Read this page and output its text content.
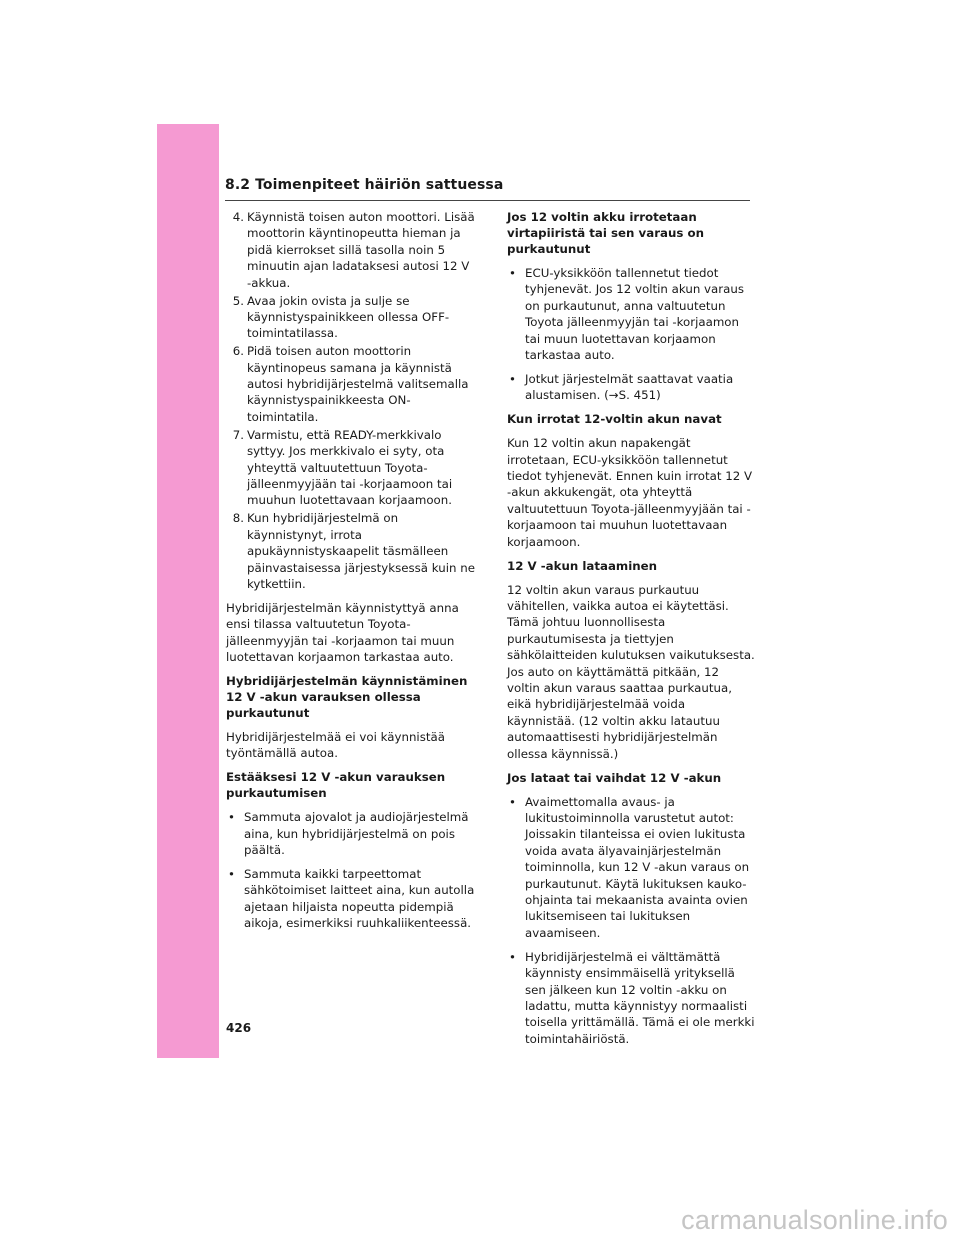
8.2 Toimenpiteet häiriön sattuessa
4. Käynnistä toisen auton moottori. Lisää moottorin käyntinopeutta hieman ja pidä kierrokset sillä tasolla noin 5 minuutin ajan ladataksesi autosi 12 V -akkua.
5. Avaa jokin ovista ja sulje se käynnistyspainikkeen ollessa OFF-toimintatilassa.
6. Pidä toisen auton moottorin käyntinopeus samana ja käynnistä autosi hybridijärjestelmä valitsemalla käynnistyspainikkeesta ON-toimintatila.
7. Varmistu, että READY-merkkivalo syttyy. Jos merkkivalo ei syty, ota yhteyttä valtuutettuun Toyota-jälleenmyyjään tai -korjaamoon tai muuhun luotettavaan korjaamoon.
8. Kun hybridijärjestelmä on käynnistynyt, irrota apukäynnistyskaapelit täsmälleen päinvastaisessa järjestyksessä kuin ne kytkettiin.

Hybridijärjestelmän käynnistyttyä anna ensi tilassa valtuutetun Toyota-jälleenmyyjän tai -korjaamon tai muun luotettavan korjaamon tarkastaa auto.

Hybridijärjestelmän käynnistäminen 12 V -akun varauksen ollessa purkautunut

Hybridijärjestelmää ei voi käynnistää työntämällä autoa.

Estääksesi 12 V -akun varauksen purkautumisen
• Sammuta ajovalot ja audiojärjestelmä aina, kun hybridijärjestelmä on pois päältä.
• Sammuta kaikki tarpeettomat sähkötoimiset laitteet aina, kun autolla ajetaan hiljaista nopeutta pidempiä aikoja, esimerkiksi ruuhkaliikenteessä.
Jos 12 voltin akku irrotetaan virtapiiristä tai sen varaus on purkautunut
• ECU-yksikköön tallennetut tiedot tyhjenevät. Jos 12 voltin akun varaus on purkautunut, anna valtuutetun Toyota jälleenmyyjän tai -korjaamon tai muun luotettavan korjaamon tarkastaa auto.
• Jotkut järjestelmät saattavat vaatia alustamisen. (→S. 451)
Kun irrotat 12-voltin akun navat

Kun 12 voltin akun napakengät irrotetaan, ECU-yksikköön tallennetut tiedot tyhjenevät. Ennen kuin irrotat 12 V -akun akkukengät, ota yhteyttä valtuutettuun Toyota-jälleenmyyjään tai -korjaamoon tai muuhun luotettavaan korjaamoon.

12 V -akun lataaminen

12 voltin akun varaus purkautuu vähitellen, vaikka autoa ei käytettäsi. Tämä johtuu luonnollisesta purkautumisesta ja tiettyjen sähkölaitteiden kulutuksen vaikutuksesta. Jos auto on käyttämättä pitkään, 12 voltin akun varaus saattaa purkautua, eikä hybridijärjestelmää voida käynnistää. (12 voltin akku latautuu automaattisesti hybridijärjestelmän ollessa käynnissä.)

Jos lataat tai vaihdat 12 V -akun
• Avaimettomalla avaus- ja lukitustoiminnolla varustetut autot: Joissakin tilanteissa ei ovien lukitusta voida avata älyavainjärjestelmän toiminnolla, kun 12 V -akun varaus on purkautunut. Käytä lukituksen kauko-ohjainta tai mekaanista avainta ovien lukitsemiseen tai lukituksen avaamiseen.
• Hybridijärjestelmä ei välttämättä käynnisty ensimmäisellä yrityksellä sen jälkeen kun 12 voltin -akku on ladattu, mutta käynnistyy normaalisti toisella yrittämällä. Tämä ei ole merkki toimintahäiriöstä.
426
carmanualsonline.info
